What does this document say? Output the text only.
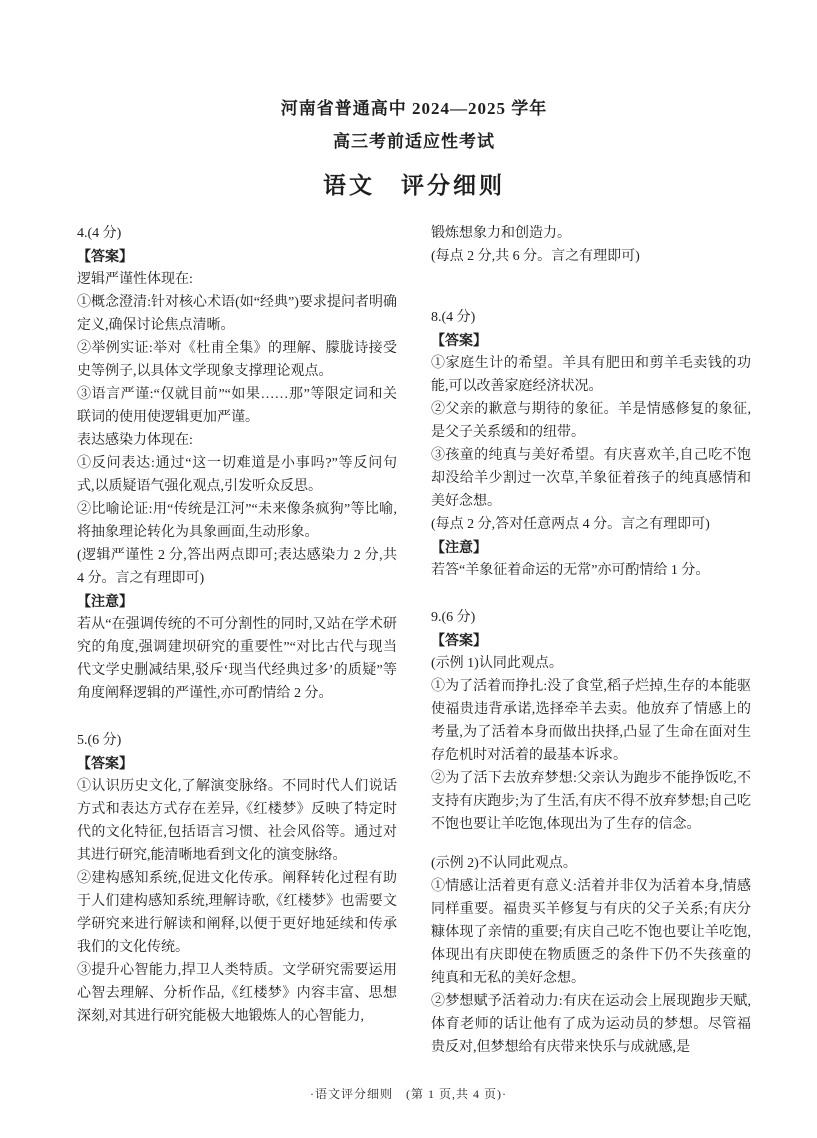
河南省普通高中 2024—2025 学年
高三考前适应性考试
语文　评分细则

4.(4 分)

【答案】

逻辑严谨性体现在:

①概念澄清:针对核心术语(如“经典”)要求提问者明确定义,确保讨论焦点清晰。

②举例实证:举对《杜甫全集》的理解、朦胧诗接受史等例子,以具体文学现象支撑理论观点。

③语言严谨:“仅就目前”“如果……那”等限定词和关联词的使用使逻辑更加严谨。

表达感染力体现在:

①反问表达:通过“这一切难道是小事吗?”等反问句式,以质疑语气强化观点,引发听众反思。

②比喻论证:用“传统是江河”“未来像条疯狗”等比喻,将抽象理论转化为具象画面,生动形象。

(逻辑严谨性 2 分,答出两点即可;表达感染力 2 分,共 4 分。言之有理即可)

【注意】

若从“在强调传统的不可分割性的同时,又站在学术研究的角度,强调建坝研究的重要性”“对比古代与现当代文学史删减结果,驳斥‘现当代经典过多’的质疑”等角度阐释逻辑的严谨性,亦可酌情给 2 分。

5.(6 分)

【答案】

①认识历史文化,了解演变脉络。不同时代人们说话方式和表达方式存在差异,《红楼梦》反映了特定时代的文化特征,包括语言习惯、社会风俗等。通过对其进行研究,能清晰地看到文化的演变脉络。

②建构感知系统,促进文化传承。阐释转化过程有助于人们建构感知系统,理解诗歌,《红楼梦》也需要文学研究来进行解读和阐释,以便于更好地延续和传承我们的文化传统。

③提升心智能力,捍卫人类特质。文学研究需要运用心智去理解、分析作品,《红楼梦》内容丰富、思想深刻,对其进行研究能极大地锻炼人的心智能力,

锻炼想象力和创造力。

(每点 2 分,共 6 分。言之有理即可)

8.(4 分)

【答案】

①家庭生计的希望。羊具有肥田和剪羊毛卖钱的功能,可以改善家庭经济状况。

②父亲的歉意与期待的象征。羊是情感修复的象征,是父子关系缓和的纽带。

③孩童的纯真与美好希望。有庆喜欢羊,自己吃不饱却没给羊少割过一次草,羊象征着孩子的纯真感情和美好念想。

(每点 2 分,答对任意两点 4 分。言之有理即可)

【注意】

若答“羊象征着命运的无常”亦可酌情给 1 分。

9.(6 分)

【答案】

(示例 1)认同此观点。

①为了活着而挣扎:没了食堂,稻子烂掉,生存的本能驱使福贵违背承诺,选择牵羊去卖。他放弃了情感上的考量,为了活着本身而做出抉择,凸显了生命在面对生存危机时对活着的最基本诉求。

②为了活下去放弃梦想:父亲认为跑步不能挣饭吃,不支持有庆跑步;为了生活,有庆不得不放弃梦想;自己吃不饱也要让羊吃饱,体现出为了生存的信念。

(示例 2)不认同此观点。

①情感让活着更有意义:活着并非仅为活着本身,情感同样重要。福贵买羊修复与有庆的父子关系;有庆分糠体现了亲情的重要;有庆自己吃不饱也要让羊吃饱,体现出有庆即使在物质匮乏的条件下仍不失孩童的纯真和无私的美好念想。

②梦想赋予活着动力:有庆在运动会上展现跑步天赋,体育老师的话让他有了成为运动员的梦想。尽管福贵反对,但梦想给有庆带来快乐与成就感,是

·语文评分细则　(第 1 页,共 4 页)·
